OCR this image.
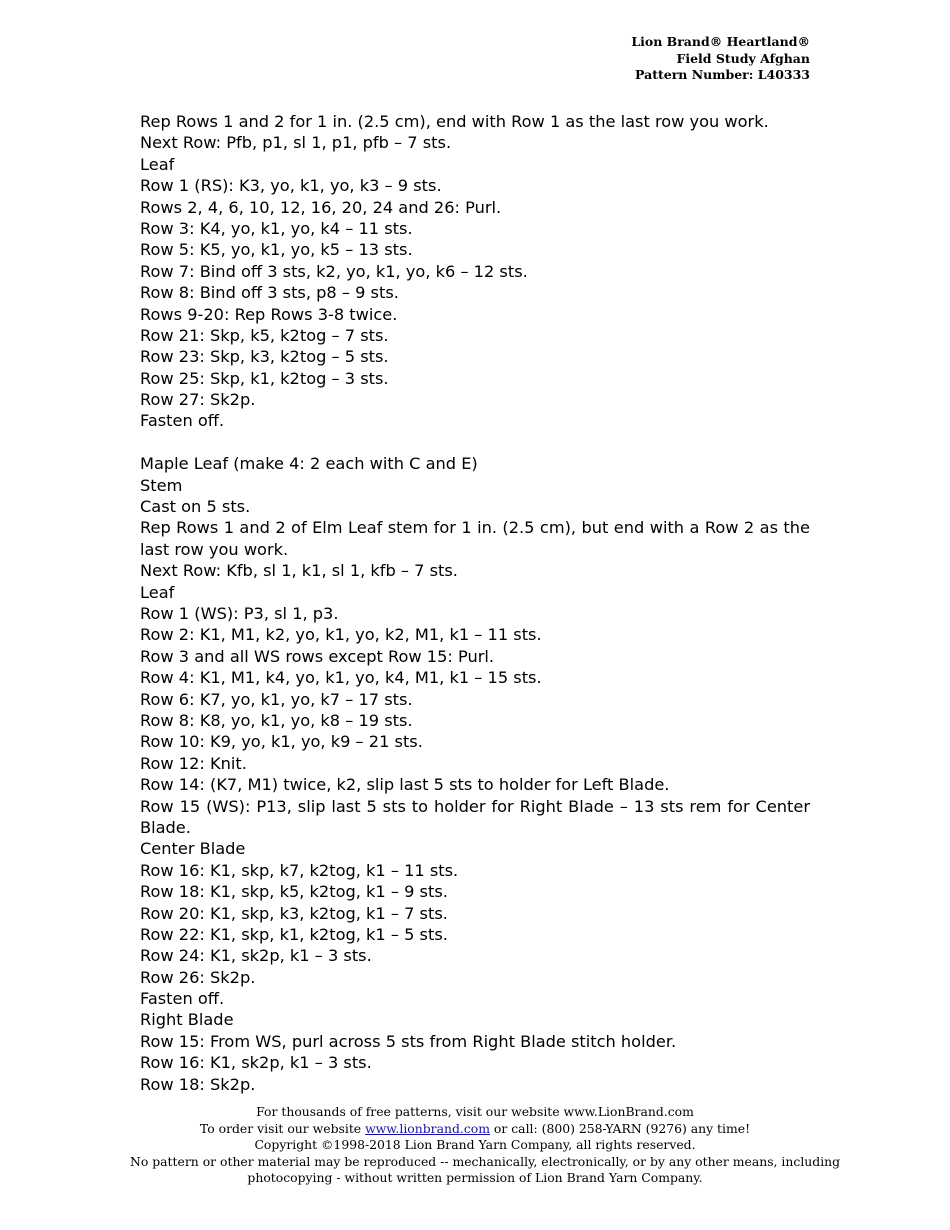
Lion Brand® Heartland®
Field Study Afghan
Pattern Number: L40333
Rep Rows 1 and 2 for 1 in. (2.5 cm), end with Row 1 as the last row you work.
Next Row: Pfb, p1, sl 1, p1, pfb – 7 sts.
Leaf
Row 1 (RS): K3, yo, k1, yo, k3 – 9 sts.
Rows 2, 4, 6, 10, 12, 16, 20, 24 and 26: Purl.
Row 3: K4, yo, k1, yo, k4 – 11 sts.
Row 5: K5, yo, k1, yo, k5 – 13 sts.
Row 7: Bind off 3 sts, k2, yo, k1, yo, k6 – 12 sts.
Row 8: Bind off 3 sts, p8 – 9 sts.
Rows 9-20: Rep Rows 3-8 twice.
Row 21: Skp, k5, k2tog – 7 sts.
Row 23: Skp, k3, k2tog – 5 sts.
Row 25: Skp, k1, k2tog – 3 sts.
Row 27: Sk2p.
Fasten off.
Maple Leaf (make 4: 2 each with C and E)
Stem
Cast on 5 sts.
Rep Rows 1 and 2 of Elm Leaf stem for 1 in. (2.5 cm), but end with a Row 2 as the last row you work.
Next Row: Kfb, sl 1, k1, sl 1, kfb – 7 sts.
Leaf
Row 1 (WS): P3, sl 1, p3.
Row 2: K1, M1, k2, yo, k1, yo, k2, M1, k1 – 11 sts.
Row 3 and all WS rows except Row 15: Purl.
Row 4: K1, M1, k4, yo, k1, yo, k4, M1, k1 – 15 sts.
Row 6: K7, yo, k1, yo, k7 – 17 sts.
Row 8: K8, yo, k1, yo, k8 – 19 sts.
Row 10: K9, yo, k1, yo, k9 – 21 sts.
Row 12: Knit.
Row 14: (K7, M1) twice, k2, slip last 5 sts to holder for Left Blade.
Row 15 (WS): P13, slip last 5 sts to holder for Right Blade – 13 sts rem for Center Blade.
Center Blade
Row 16: K1, skp, k7, k2tog, k1 – 11 sts.
Row 18: K1, skp, k5, k2tog, k1 – 9 sts.
Row 20: K1, skp, k3, k2tog, k1 – 7 sts.
Row 22: K1, skp, k1, k2tog, k1 – 5 sts.
Row 24: K1, sk2p, k1 – 3 sts.
Row 26: Sk2p.
Fasten off.
Right Blade
Row 15: From WS, purl across 5 sts from Right Blade stitch holder.
Row 16: K1, sk2p, k1 – 3 sts.
Row 18: Sk2p.
For thousands of free patterns, visit our website www.LionBrand.com
To order visit our website www.lionbrand.com or call: (800) 258-YARN (9276) any time!
Copyright ©1998-2018 Lion Brand Yarn Company, all rights reserved.
No pattern or other material may be reproduced -- mechanically, electronically, or by any other means, including
photocopying - without written permission of Lion Brand Yarn Company.
